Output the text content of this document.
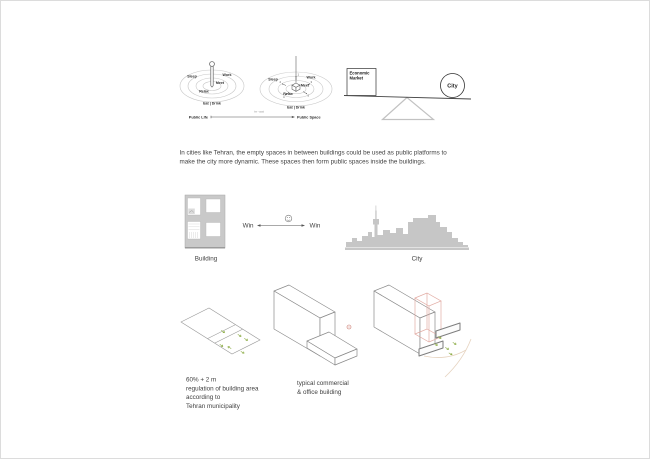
Sleep	Work
Meet
Relax
Eat | Drink
1
2	3
4	5
Sleep	Work
Meet
Relax
Eat | Drink
Public Life
in - out
Public Space
Economic
Market
City
In cities like Tehran, the empty spaces in between buildings could be used as public platforms to
make the city more dynamic. These spaces then form public spaces inside the buildings.
Building
Win	Win
City
60% + 2 m
regulation of building area
according to
Tehran municipality
typical commercial
& office building
